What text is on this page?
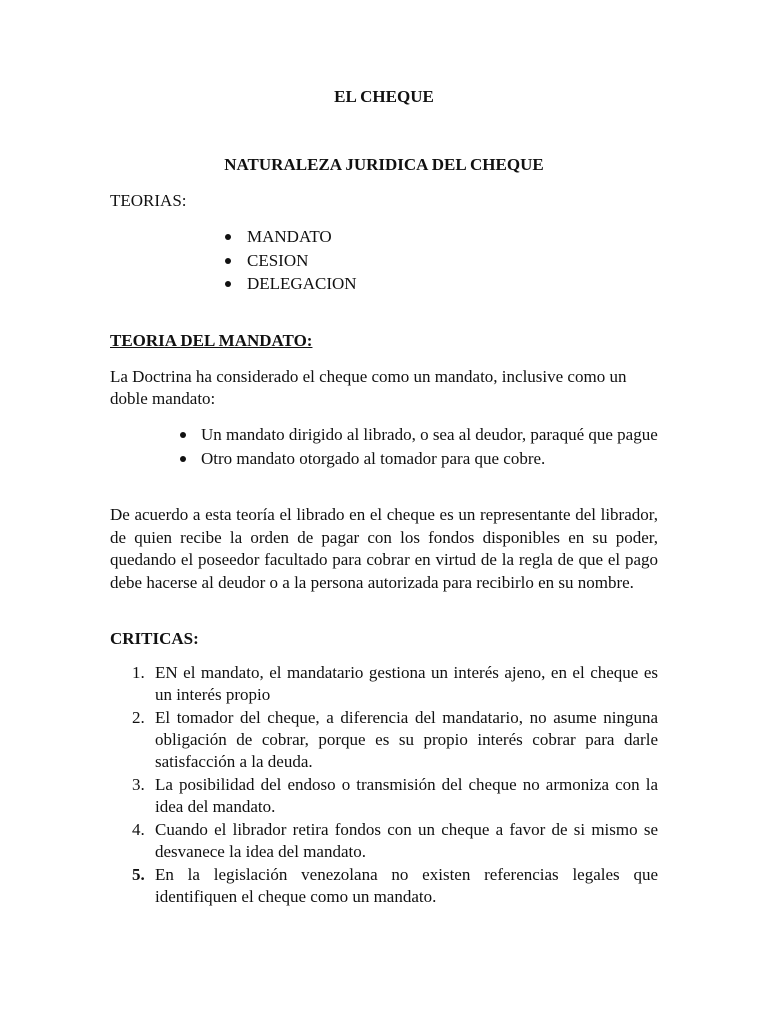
EL CHEQUE
NATURALEZA JURIDICA DEL CHEQUE
TEORIAS:
MANDATO
CESION
DELEGACION
TEORIA DEL MANDATO:
La Doctrina ha considerado el cheque como un mandato, inclusive como un doble mandato:
Un mandato dirigido al librado, o sea al deudor, paraqué que pague
Otro mandato otorgado al tomador para que cobre.
De acuerdo a esta teoría el librado en el cheque es un representante del librador, de quien recibe la orden de pagar con los fondos disponibles en su poder, quedando el poseedor facultado para cobrar en virtud de la regla de que el pago debe hacerse al deudor o a la persona autorizada para recibirlo en su nombre.
CRITICAS:
1. EN el mandato, el mandatario gestiona un interés ajeno, en el cheque es un interés propio
2. El tomador del cheque, a diferencia del mandatario, no asume ninguna obligación de cobrar, porque es su propio interés cobrar para darle satisfacción a la deuda.
3. La posibilidad del endoso o transmisión del cheque no armoniza con la idea del mandato.
4. Cuando el librador retira fondos con un cheque a favor de si mismo se desvanece la idea del mandato.
5. En la legislación venezolana no existen referencias legales que identifiquen el cheque como un mandato.
